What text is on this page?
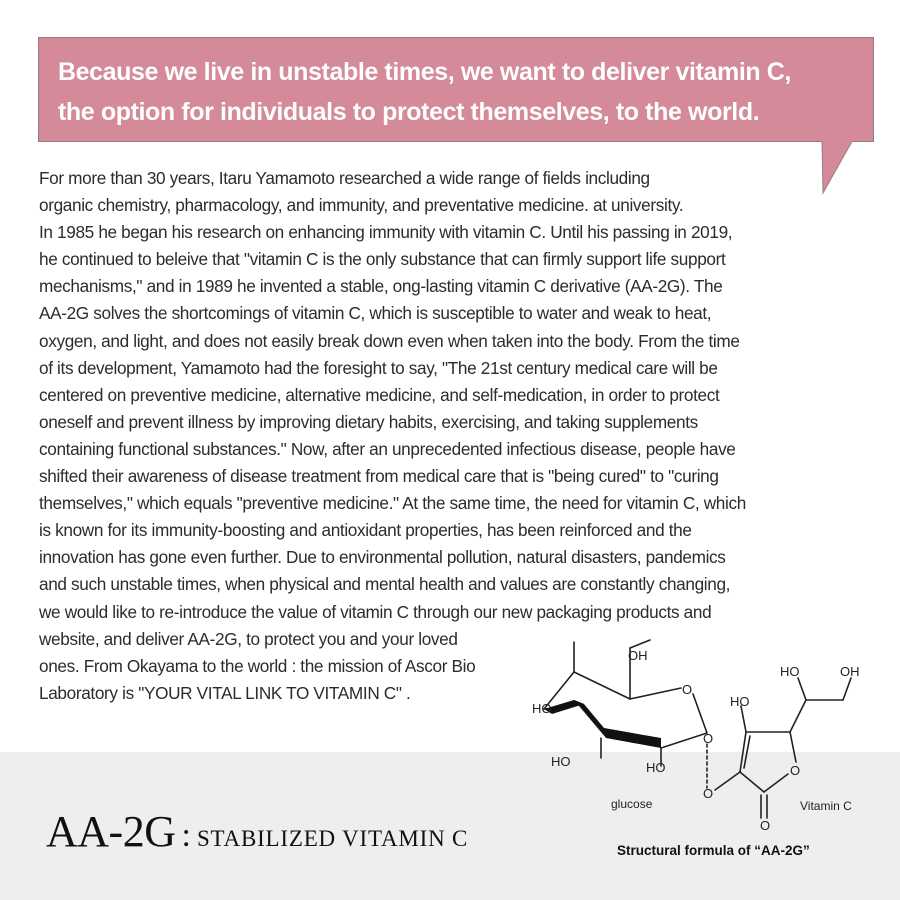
Because we live in unstable times, we want to deliver vitamin C,
the option for individuals to protect themselves, to the world.
For more than 30 years, Itaru Yamamoto researched a wide range of fields including
organic chemistry, pharmacology, and immunity, and preventative medicine. at university.
In 1985 he began his research on enhancing immunity with vitamin C. Until his passing in 2019,
he continued to beleive that "vitamin C is the only substance that can firmly support life support
mechanisms," and in 1989 he invented a stable, ong-lasting vitamin C derivative (AA-2G). The
AA-2G solves the shortcomings of vitamin C, which is susceptible to water and weak to heat,
oxygen, and light, and does not easily break down even when taken into the body. From the time
of its development, Yamamoto had the foresight to say, "The 21st century medical care will be
centered on preventive medicine, alternative medicine, and self-medication, in order to protect
oneself and prevent illness by improving dietary habits, exercising, and taking supplements
containing functional substances." Now, after an unprecedented infectious disease, people have
shifted their awareness of disease treatment from medical care that is "being cured" to "curing
themselves," which equals "preventive medicine." At the same time, the need for vitamin C, which
is known for its immunity-boosting and antioxidant properties, has been reinforced and the
innovation has gone even further. Due to environmental pollution, natural disasters, pandemics
and such unstable times, when physical and mental health and values are constantly changing,
we would like to re-introduce the value of vitamin C through our new packaging products and
website, and deliver AA-2G, to protect you and your loved
ones. From Okayama to the world : the mission of Ascor Bio
Laboratory is "YOUR VITAL LINK TO VITAMIN C" .
OH
HO
HO	HO
HO
HO	OH
O
O
O
O
O
glucose	Vitamin C
Structural formula of “AA-2G”
AA-2G : STABILIZED VITAMIN C
